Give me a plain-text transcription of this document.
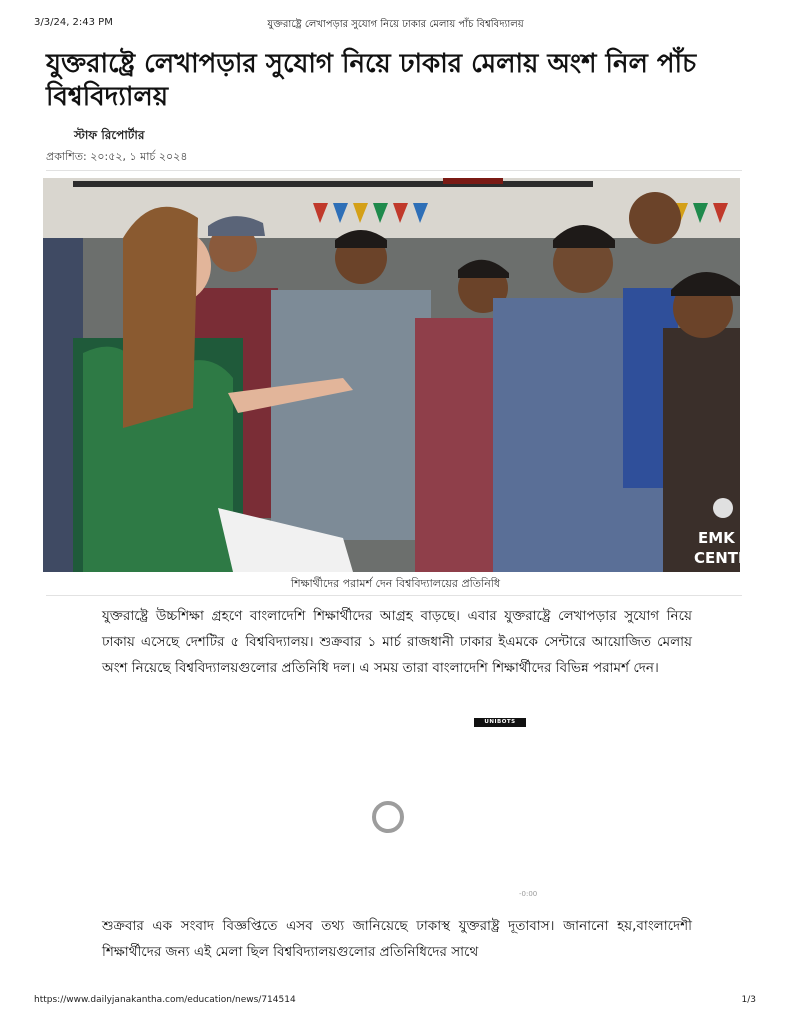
3/3/24, 2:43 PM	যুক্তরাষ্ট্রে লেখাপড়ার সুযোগ নিয়ে ঢাকার মেলায় পাঁচ বিশ্ববিদ্যালয়
যুক্তরাষ্ট্রে লেখাপড়ার সুযোগ নিয়ে ঢাকার মেলায় অংশ নিল পাঁচ বিশ্ববিদ্যালয়
স্টাফ রিপোর্টার
প্রকাশিত: ২০:৫২, ১ মার্চ ২০২৪
EMK
CENTER
শিক্ষার্থীদের পরামর্শ দেন বিশ্ববিদ্যালয়ের প্রতিনিধি
যুক্তরাষ্ট্রে উচ্চশিক্ষা গ্রহণে বাংলাদেশি শিক্ষার্থীদের আগ্রহ বাড়ছে। এবার যুক্তরাষ্ট্রে লেখাপড়ার সুযোগ নিয়ে ঢাকায় এসেছে দেশটির ৫ বিশ্ববিদ্যালয়। শুক্রবার ১ মার্চ রাজধানী ঢাকার ইএমকে সেন্টারে আয়োজিত মেলায় অংশ নিয়েছে বিশ্ববিদ্যালয়গুলোর প্রতিনিধি দল। এ সময় তারা বাংলাদেশি শিক্ষার্থীদের বিভিন্ন পরামর্শ দেন।
UNIBOTS
-0:00
শুক্রবার এক সংবাদ বিজ্ঞপ্তিতে এসব তথ্য জানিয়েছে ঢাকাস্থ যুক্তরাষ্ট্র দূতাবাস। জানানো হয়,বাংলাদেশী শিক্ষার্থীদের জন্য এই মেলা ছিল বিশ্ববিদ্যালয়গুলোর প্রতিনিধিদের সাথে
https://www.dailyjanakantha.com/education/news/714514	1/3
